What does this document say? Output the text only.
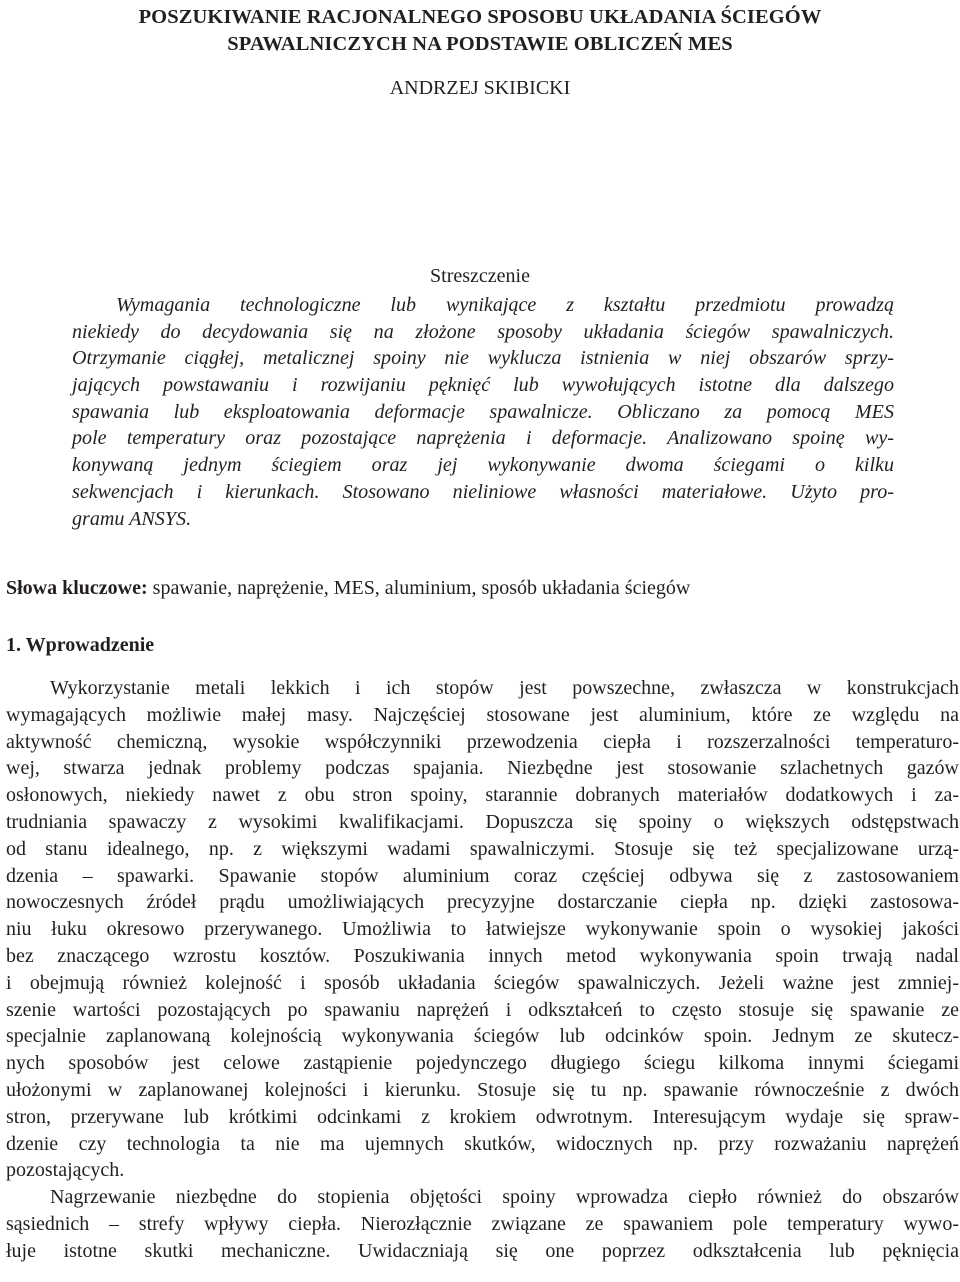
POSZUKIWANIE RACJONALNEGO SPOSOBU UKŁADANIA ŚCIEGÓW
SPAWALNICZYCH NA PODSTAWIE OBLICZEŃ MES
ANDRZEJ SKIBICKI
Streszczenie
Wymagania technologiczne lub wynikające z kształtu przedmiotu prowadzą
niekiedy do decydowania się na złożone sposoby układania ściegów spawalniczych.
Otrzymanie ciągłej, metalicznej spoiny nie wyklucza istnienia w niej obszarów sprzy-
jających powstawaniu i rozwijaniu pęknięć lub wywołujących istotne dla dalszego
spawania lub eksploatowania deformacje spawalnicze. Obliczano za pomocą MES
pole temperatury oraz pozostające naprężenia i deformacje. Analizowano spoinę wy-
konywaną jednym ściegiem oraz jej wykonywanie dwoma ściegami o kilku
sekwencjach i kierunkach. Stosowano nieliniowe własności materiałowe. Użyto pro-
gramu ANSYS.
Słowa kluczowe: spawanie, naprężenie, MES, aluminium, sposób układania ściegów
1. Wprowadzenie
Wykorzystanie metali lekkich i ich stopów jest powszechne, zwłaszcza w konstrukcjach
wymagających możliwie małej masy. Najczęściej stosowane jest aluminium, które ze względu na
aktywność chemiczną, wysokie współczynniki przewodzenia ciepła i rozszerzalności temperaturo-
wej, stwarza jednak problemy podczas spajania. Niezbędne jest stosowanie szlachetnych gazów
osłonowych, niekiedy nawet z obu stron spoiny, starannie dobranych materiałów dodatkowych i za-
trudniania spawaczy z wysokimi kwalifikacjami. Dopuszcza się spoiny o większych odstępstwach
od stanu idealnego, np. z większymi wadami spawalniczymi. Stosuje się też specjalizowane urzą-
dzenia – spawarki. Spawanie stopów aluminium coraz częściej odbywa się z zastosowaniem
nowoczesnych źródeł prądu umożliwiających precyzyjne dostarczanie ciepła np. dzięki zastosowa-
niu łuku okresowo przerywanego. Umożliwia to łatwiejsze wykonywanie spoin o wysokiej jakości
bez znaczącego wzrostu kosztów. Poszukiwania innych metod wykonywania spoin trwają nadal
i obejmują również kolejność i sposób układania ściegów spawalniczych. Jeżeli ważne jest zmniej-
szenie wartości pozostających po spawaniu naprężeń i odkształceń to często stosuje się spawanie ze
specjalnie zaplanowaną kolejnością wykonywania ściegów lub odcinków spoin. Jednym ze skutecz-
nych sposobów jest celowe zastąpienie pojedynczego długiego ściegu kilkoma innymi ściegami
ułożonymi w zaplanowanej kolejności i kierunku. Stosuje się tu np. spawanie równocześnie z dwóch
stron, przerywane lub krótkimi odcinkami z krokiem odwrotnym. Interesującym wydaje się spraw-
dzenie czy technologia ta nie ma ujemnych skutków, widocznych np. przy rozważaniu naprężeń
pozostających.
Nagrzewanie niezbędne do stopienia objętości spoiny wprowadza ciepło również do obszarów
sąsiednich – strefy wpływy ciepła. Nierozłącznie związane ze spawaniem pole temperatury wywo-
łuje istotne skutki mechaniczne. Uwidaczniają się one poprzez odkształcenia lub pęknięcia
